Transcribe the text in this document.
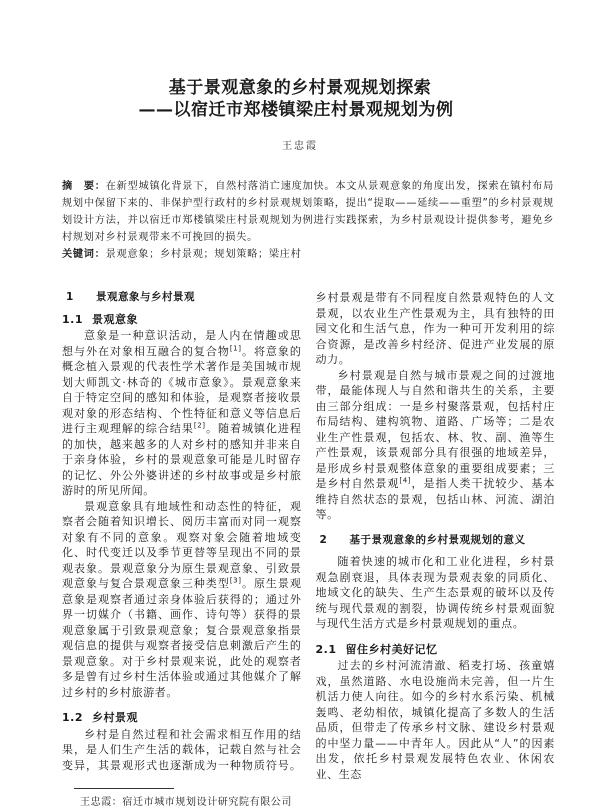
基于景观意象的乡村景观规划探索
——以宿迁市郑楼镇梁庄村景观规划为例
王忠霞
摘　要：在新型城镇化背景下，自然村落消亡速度加快。本文从景观意象的角度出发，探索在镇村布局规划中保留下来的、非保护型行政村的乡村景观规划策略，提出“提取——延续——重塑”的乡村景观规划设计方法，并以宿迁市郑楼镇梁庄村景观规划为例进行实践探索，为乡村景观设计提供参考，避免乡村规划对乡村景观带来不可挽回的损失。
关键词：景观意象；乡村景观；规划策略；梁庄村
1 景观意象与乡村景观
1.1 景观意象

意象是一种意识活动，是人内在情趣或思想与外在对象相互融合的复合物[1]。将意象的概念植入景观的代表性学术著作是美国城市规划大师凯文·林奇的《城市意象》。景观意象来自于特定空间的感知和体验，是观察者接收景观对象的形态结构、个性特征和意义等信息后进行主观理解的综合结果[2]。随着城镇化进程的加快，越来越多的人对乡村的感知并非来自于亲身体验，乡村的景观意象可能是儿时留存的记忆、外公外婆讲述的乡村故事或是乡村旅游时的所见所闻。

景观意象具有地域性和动态性的特征，观察者会随着知识增长、阅历丰富而对同一观察对象有不同的意象。观察对象会随着地域变化、时代变迁以及季节更替等呈现出不同的景观表象。景观意象分为原生景观意象、引致景观意象与复合景观意象三种类型[3]。原生景观意象是观察者通过亲身体验后获得的；通过外界一切媒介（书籍、画作、诗句等）获得的景观意象属于引致景观意象；复合景观意象指景观信息的提供与观察者接受信息刺激后产生的景观意象。对于乡村景观来说，此处的观察者多是曾有过乡村生活体验或通过其他媒介了解过乡村的乡村旅游者。

1.2 乡村景观

乡村是自然过程和社会需求相互作用的结果，是人们生产生活的载体，记载自然与社会变异，其景观形式也逐渐成为一种物质符号。乡村景观是带有不同程度自然景观特色的人文景观，以农业生产性景观为主，具有独特的田园文化和生活气息，作为一种可开发利用的综合资源，是改善乡村经济、促进产业发展的原动力。

乡村景观是自然与城市景观之间的过渡地带，最能体现人与自然和谐共生的关系，主要由三部分组成：一是乡村聚落景观，包括村庄布局结构、建构筑物、道路、广场等；二是农业生产性景观，包括农、林、牧、副、渔等生产性景观，该景观部分具有很强的地域差异，是形成乡村景观整体意象的重要组成要素；三是乡村自然景观[4]，是指人类干扰较少、基本维持自然状态的景观，包括山林、河流、湖泊等。

2 基于景观意象的乡村景观规划的意义

随着快速的城市化和工业化进程，乡村景观急剧衰退，具体表现为景观表象的同质化、地域文化的缺失、生产生态景观的破坏以及传统与现代景观的割裂，协调传统乡村景观面貌与现代生活方式是乡村景观规划的重点。

2.1 留住乡村美好记忆

过去的乡村河流清澈、稻麦打场、孩童嬉戏，虽然道路、水电设施尚未完善，但一片生机活力使人向往。如今的乡村水系污染、机械轰鸣、老幼相依，城镇化提高了多数人的生活品质，但带走了传承乡村文脉、建设乡村景观的中坚力量——中青年人。因此从“人”的因素出发，依托乡村景观发展特色农业、休闲农业、生态

王忠霞：宿迁市城市规划设计研究院有限公司
